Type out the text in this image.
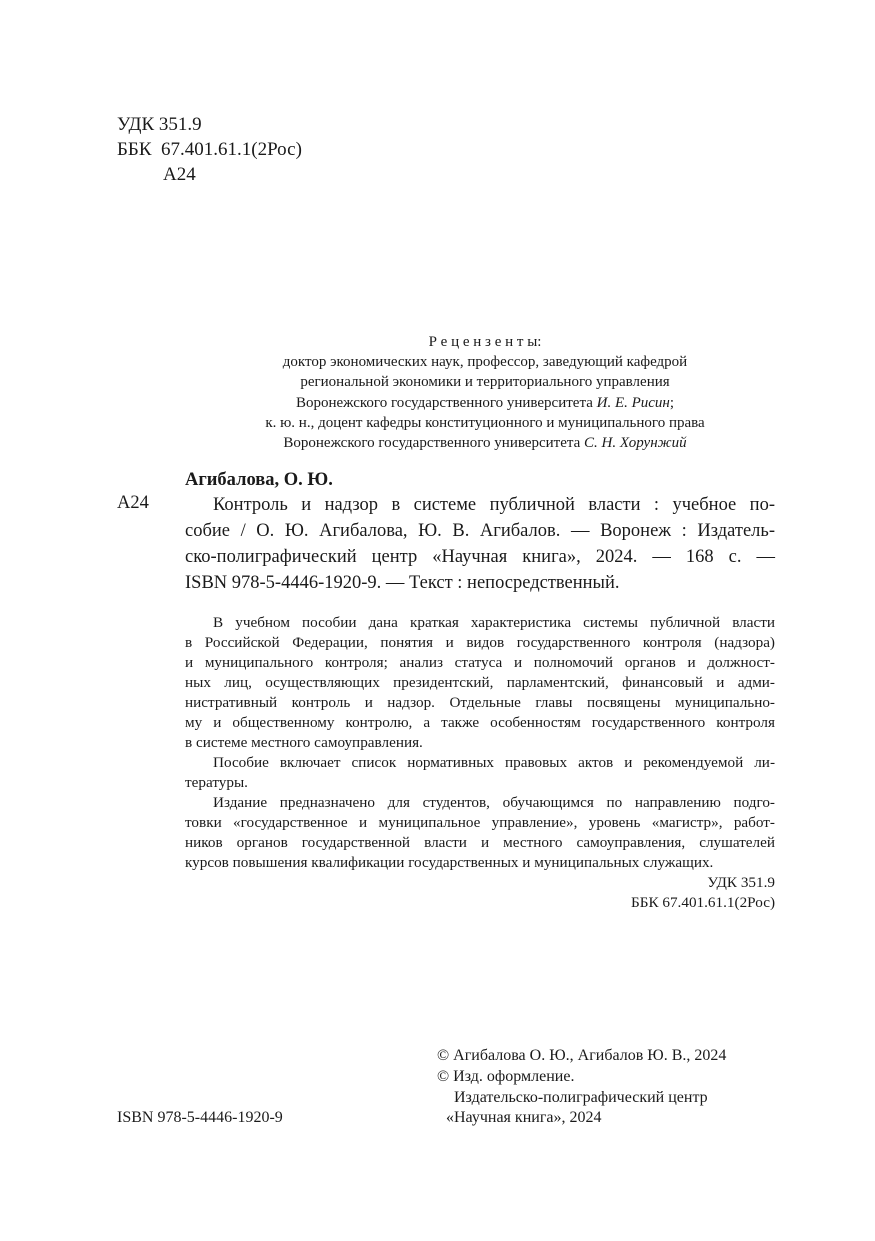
УДК 351.9
ББК  67.401.61.1(2Рос)
А24
Р е ц е н з е н т ы:
доктор экономических наук, профессор, заведующий кафедрой
региональной экономики и территориального управления
Воронежского государственного университета И. Е. Рисин;
к. ю. н., доцент кафедры конституционного и муниципального права
Воронежского государственного университета С. Н. Хорунжий
Агибалова, О. Ю.
А24	Контроль и надзор в системе публичной власти : учебное по-
собие / О. Ю. Агибалова, Ю. В. Агибалов. — Воронеж : Издатель-
ско-полиграфический центр «Научная книга», 2024. — 168 с. —
ISBN 978-5-4446-1920-9. — Текст : непосредственный.
В учебном пособии дана краткая характеристика системы публичной власти
в Российской Федерации, понятия и видов государственного контроля (надзора)
и муниципального контроля; анализ статуса и полномочий органов и должност-
ных лиц, осуществляющих президентский, парламентский, финансовый и адми-
нистративный контроль и надзор. Отдельные главы посвящены муниципально-
му и общественному контролю, а также особенностям государственного контроля
в системе местного самоуправления.
Пособие включает список нормативных правовых актов и рекомендуемой ли-
тературы.
Издание предназначено для студентов, обучающимся по направлению подго-
товки «государственное и муниципальное управление», уровень «магистр», работ-
ников органов государственной власти и местного самоуправления, слушателей
курсов повышения квалификации государственных и муниципальных служащих.
УДК 351.9
ББК 67.401.61.1(2Рос)
© Агибалова О. Ю., Агибалов Ю. В., 2024
© Изд. оформление.
Издательско-полиграфический центр
«Научная книга», 2024
ISBN 978-5-4446-1920-9
